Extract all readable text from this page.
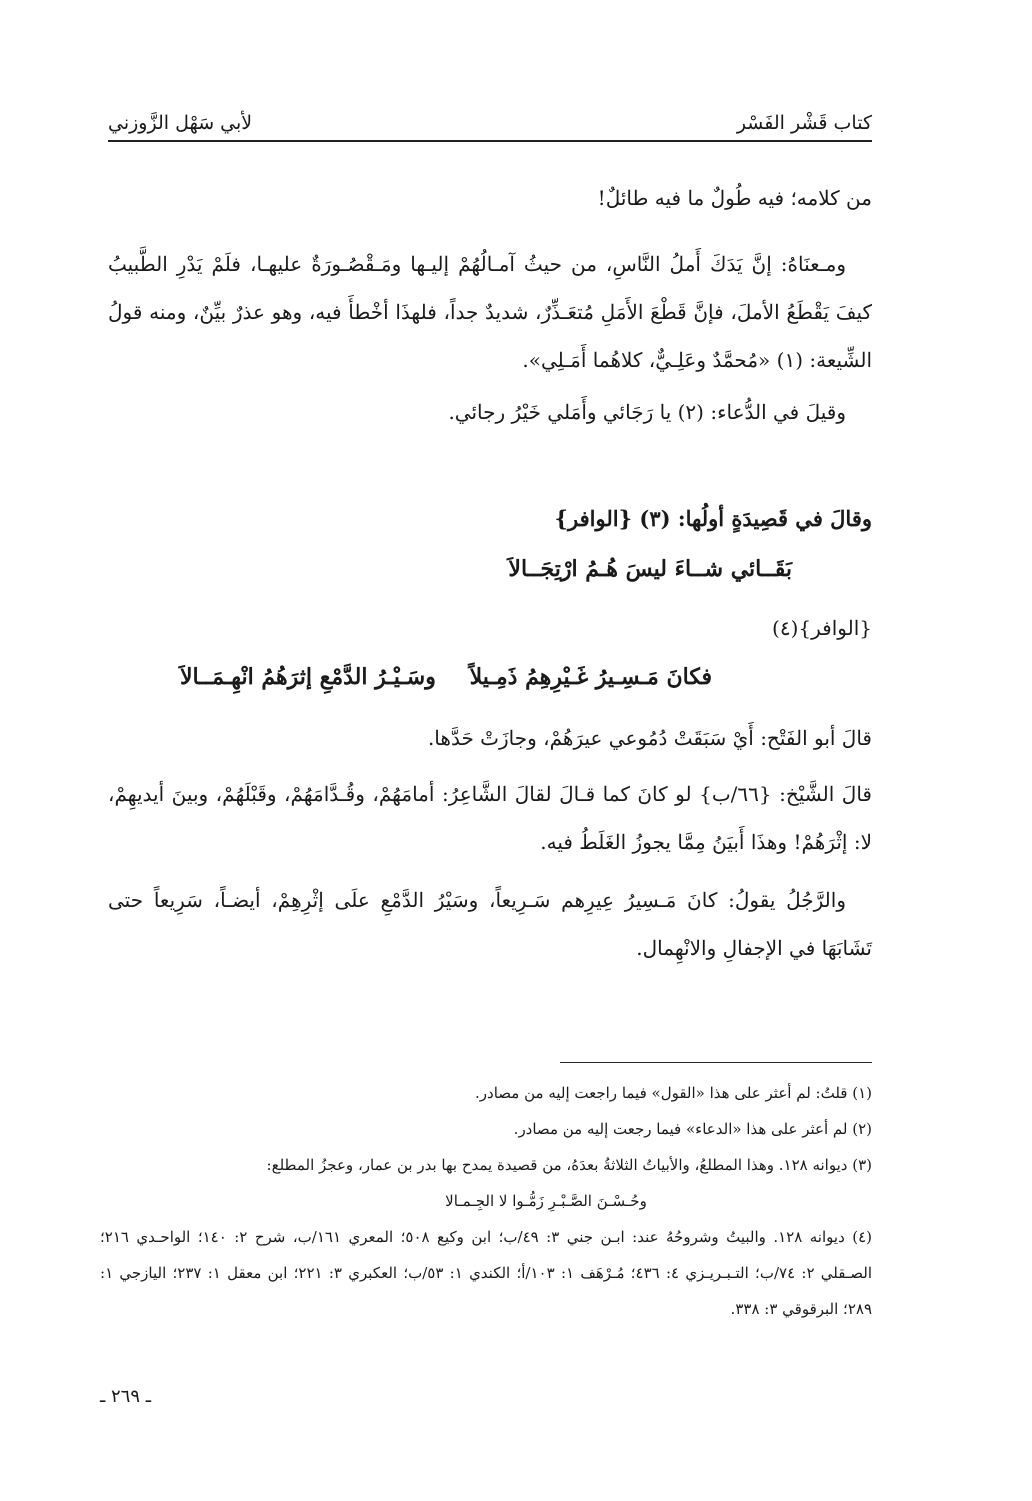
كتاب قَشْر الفَسْر
لأبي سَهْل الزَّوزني
من كلامه؛ فيه طُولٌ ما فيه طائلٌ!

ومـعنَاهُ: إنَّ يَدَكَ أَملُ النَّاسِ، من حيثُ آمـالُهُمْ إليـها ومَـقْصُـورَةٌ عليهـا، فلَمْ يَدْرِ الطَّبيبُ كيفَ يَقْطَعُ الأملَ، فإنَّ قَطْعَ الأَمَلِ مُتعَـذِّرٌ، شديدٌ جداً، فلهذَا أخْطأَ فيه، وهو عذرٌ بيِّنٌ، ومنه قولُ الشِّيعة: (١) «مُحمَّدٌ وعَلِـيٌّ، كلاهُما أَمَـلِي».

وقيلَ في الدُّعاء: (٢) يا رَجَائي وأَمَلي خَيْرُ رجائي.
وقالَ في قَصِيدَةٍ أولُها: (٣) {الوافر}
بَقَــائي شــاءَ ليسَ هُـمُ ارْتِجَــالاَ
{الوافر}(٤)
فكانَ مَـسِـيرُ غَـيْرِهِمُ ذَمِـيلاً
وسَـيْـرُ الدَّمْعِ إثرَهُمُ انْهِـمَــالاَ
قالَ أبو الفَتْح: أَيْ سَبَقَتْ دُمُوعي عيرَهُمْ، وجازَتْ حَدَّها.

قالَ الشَّيْخ: {٦٦/ب} لو كانَ كما قـالَ لقالَ الشَّاعِرُ: أمامَهُمْ، وقُـدَّامَهُمْ، وقَبْلَهُمْ، وبينَ أيديهِمْ، لا: إثْرَهُمْ! وهذَا أَبيَنُ مِمَّا يجوزُ الغَلَطُ فيه.

والرَّجُلُ يقولُ: كانَ مَـسِيرُ عِيرِهم سَـرِيعاً، وسَيْرُ الدَّمْعِ علَى إثْرِهِمْ، أيضـاً، سَرِيعاً حتى تَشَابَهَا في الإجفالِ والانْهِمال.

(١) قلتُ: لم أعثر على هذا «القول» فيما راجعت إليه من مصادر.

(٢) لم أعثر على هذا «الدعاء» فيما رجعت إليه من مصادر.

(٣) ديوانه ١٢٨. وهذا المطلعُ، والأبياتُ الثلاثةُ بعدَهُ، من قصيدة يمدح بها بدر بن عمار، وعجزُ المطلع:

وحُـسْـنَ الصَّـبْـرِ زَمُّـوا لا الجِـمـالا

(٤) ديوانه ١٢٨. والبيتُ وشروحُهُ عند: ابـن جني ٣: ٤٩/ب؛ ابن وكيع ٥٠٨؛ المعري ١٦١/ب، شرح ٢: ١٤٠؛ الواحـدي ٢١٦؛ الصـقلي ٢: ٧٤/ب؛ التـبـريـزي ٤: ٤٣٦؛ مُـرْهَف ١: ١٠٣/أ؛ الكندي ١: ٥٣/ب؛ العكبري ٣: ٢٢١؛ ابن معقل ١: ٢٣٧؛ اليازجي ١: ٢٨٩؛ البرقوقي ٣: ٣٣٨.

ـ ٢٦٩ ـ
